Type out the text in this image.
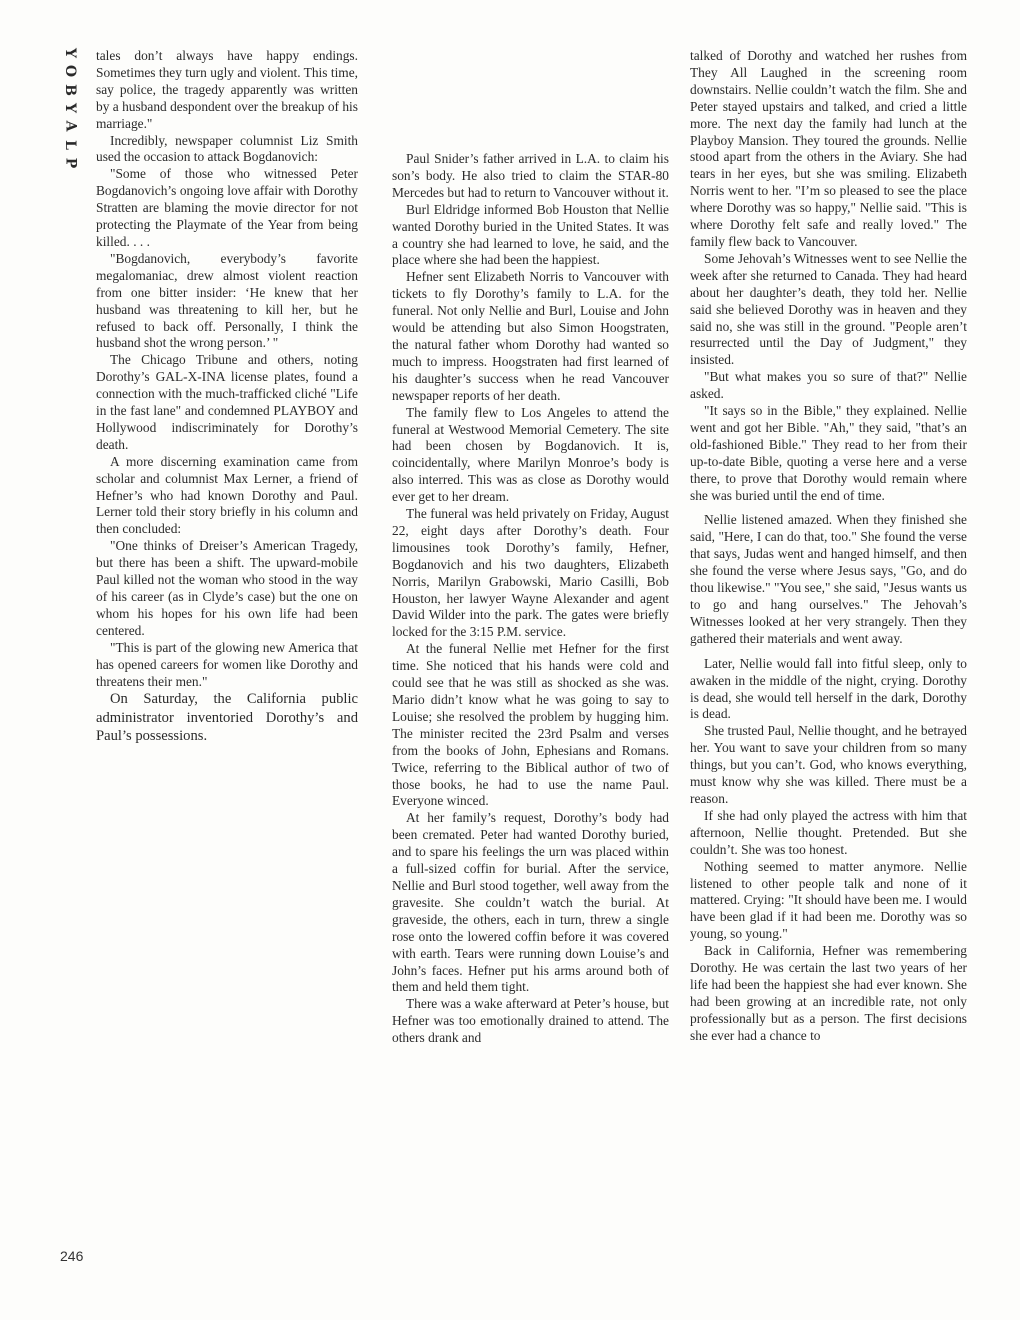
Y
O
B
Y
A
L
P

tales don’t always have happy endings. Sometimes they turn ugly and violent. This time, say police, the tragedy apparently was written by a husband despondent over the breakup of his marriage."

Incredibly, newspaper columnist Liz Smith used the occasion to attack Bogdanovich:

"Some of those who witnessed Peter Bogdanovich’s ongoing love affair with Dorothy Stratten are blaming the movie director for not protecting the Playmate of the Year from being killed. . . .

"Bogdanovich, everybody’s favorite megalomaniac, drew almost violent reaction from one bitter insider: ‘He knew that her husband was threatening to kill her, but he refused to back off. Personally, I think the husband shot the wrong person.’ "

The Chicago Tribune and others, noting Dorothy’s GAL-X-INA license plates, found a connection with the much-trafficked cliché "Life in the fast lane" and condemned PLAYBOY and Hollywood indiscriminately for Dorothy’s death.

A more discerning examination came from scholar and columnist Max Lerner, a friend of Hefner’s who had known Dorothy and Paul. Lerner told their story briefly in his column and then concluded:

"One thinks of Dreiser’s American Tragedy, but there has been a shift. The upward-mobile Paul killed not the woman who stood in the way of his career (as in Clyde’s case) but the one on whom his hopes for his own life had been centered.

"This is part of the glowing new America that has opened careers for women like Dorothy and threatens their men."

On Saturday, the California public administrator inventoried Dorothy’s and Paul’s possessions.

Paul Snider’s father arrived in L.A. to claim his son’s body. He also tried to claim the STAR-80 Mercedes but had to return to Vancouver without it.

Burl Eldridge informed Bob Houston that Nellie wanted Dorothy buried in the United States. It was a country she had learned to love, he said, and the place where she had been the happiest.

Hefner sent Elizabeth Norris to Vancouver with tickets to fly Dorothy’s family to L.A. for the funeral. Not only Nellie and Burl, Louise and John would be attending but also Simon Hoogstraten, the natural father whom Dorothy had wanted so much to impress. Hoogstraten had first learned of his daughter’s success when he read Vancouver newspaper reports of her death.

The family flew to Los Angeles to attend the funeral at Westwood Memorial Cemetery. The site had been chosen by Bogdanovich. It is, coincidentally, where Marilyn Monroe’s body is also interred. This was as close as Dorothy would ever get to her dream.

The funeral was held privately on Friday, August 22, eight days after Dorothy’s death. Four limousines took Dorothy’s family, Hefner, Bogdanovich and his two daughters, Elizabeth Norris, Marilyn Grabowski, Mario Casilli, Bob Houston, her lawyer Wayne Alexander and agent David Wilder into the park. The gates were briefly locked for the 3:15 P.M. service.

At the funeral Nellie met Hefner for the first time. She noticed that his hands were cold and could see that he was still as shocked as she was. Mario didn’t know what he was going to say to Louise; she resolved the problem by hugging him. The minister recited the 23rd Psalm and verses from the books of John, Ephesians and Romans. Twice, referring to the Biblical author of two of those books, he had to use the name Paul. Everyone winced.

At her family’s request, Dorothy’s body had been cremated. Peter had wanted Dorothy buried, and to spare his feelings the urn was placed within a full-sized coffin for burial. After the service, Nellie and Burl stood together, well away from the gravesite. She couldn’t watch the burial. At graveside, the others, each in turn, threw a single rose onto the lowered coffin before it was covered with earth. Tears were running down Louise’s and John’s faces. Hefner put his arms around both of them and held them tight.

There was a wake afterward at Peter’s house, but Hefner was too emotionally drained to attend. The others drank and

talked of Dorothy and watched her rushes from They All Laughed in the screening room downstairs. Nellie couldn’t watch the film. She and Peter stayed upstairs and talked, and cried a little more. The next day the family had lunch at the Playboy Mansion. They toured the grounds. Nellie stood apart from the others in the Aviary. She had tears in her eyes, but she was smiling. Elizabeth Norris went to her. "I’m so pleased to see the place where Dorothy was so happy," Nellie said. "This is where Dorothy felt safe and really loved." The family flew back to Vancouver.

Some Jehovah’s Witnesses went to see Nellie the week after she returned to Canada. They had heard about her daughter’s death, they told her. Nellie said she believed Dorothy was in heaven and they said no, she was still in the ground. "People aren’t resurrected until the Day of Judgment," they insisted.

"But what makes you so sure of that?" Nellie asked.

"It says so in the Bible," they explained. Nellie went and got her Bible. "Ah," they said, "that’s an old-fashioned Bible." They read to her from their up-to-date Bible, quoting a verse here and a verse there, to prove that Dorothy would remain where she was buried until the end of time.

Nellie listened amazed. When they finished she said, "Here, I can do that, too." She found the verse that says, Judas went and hanged himself, and then she found the verse where Jesus says, "Go, and do thou likewise." "You see," she said, "Jesus wants us to go and hang ourselves." The Jehovah’s Witnesses looked at her very strangely. Then they gathered their materials and went away.

Later, Nellie would fall into fitful sleep, only to awaken in the middle of the night, crying. Dorothy is dead, she would tell herself in the dark, Dorothy is dead.

She trusted Paul, Nellie thought, and he betrayed her. You want to save your children from so many things, but you can’t. God, who knows everything, must know why she was killed. There must be a reason.

If she had only played the actress with him that afternoon, Nellie thought. Pretended. But she couldn’t. She was too honest.

Nothing seemed to matter anymore. Nellie listened to other people talk and none of it mattered. Crying: "It should have been me. I would have been glad if it had been me. Dorothy was so young, so young."

Back in California, Hefner was remembering Dorothy. He was certain the last two years of her life had been the happiest she had ever known. She had been growing at an incredible rate, not only professionally but as a person. The first decisions she ever had a chance to

246
